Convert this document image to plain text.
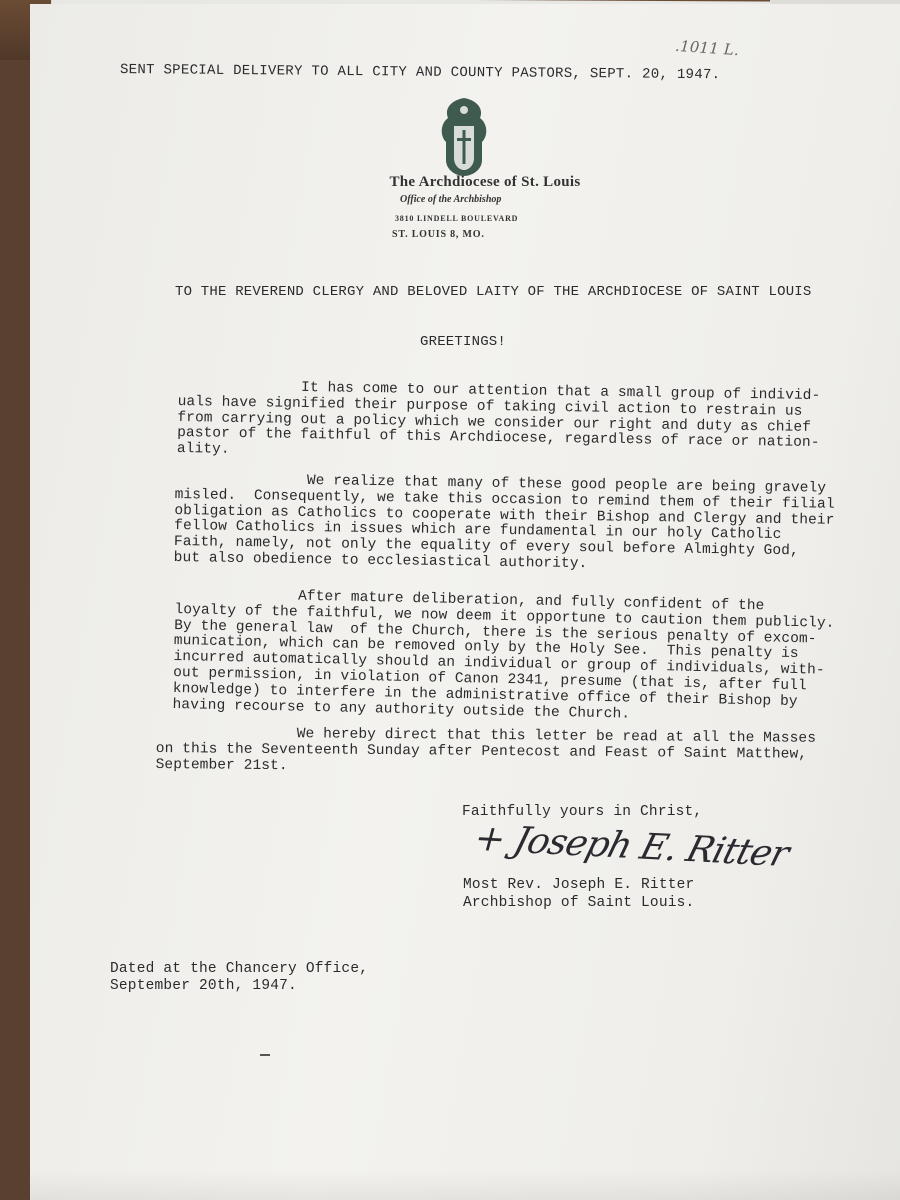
SENT SPECIAL DELIVERY TO ALL CITY AND COUNTY PASTORS, SEPT. 20, 1947.
.1011 L.
The Archdiocese of St. Louis
Office of the Archbishop
3810 LINDELL BOULEVARD
ST. LOUIS 8, MO.
TO THE REVEREND CLERGY AND BELOVED LAITY OF THE ARCHDIOCESE OF SAINT LOUIS
GREETINGS!
It has come to our attention that a small group of individ-
uals have signified their purpose of taking civil action to restrain us
from carrying out a policy which we consider our right and duty as chief
pastor of the faithful of this Archdiocese, regardless of race or nation-
ality.
We realize that many of these good people are being gravely
misled.  Consequently, we take this occasion to remind them of their filial
obligation as Catholics to cooperate with their Bishop and Clergy and their
fellow Catholics in issues which are fundamental in our holy Catholic
Faith, namely, not only the equality of every soul before Almighty God,
but also obedience to ecclesiastical authority.
After mature deliberation, and fully confident of the
loyalty of the faithful, we now deem it opportune to caution them publicly.
By the general law  of the Church, there is the serious penalty of excom-
munication, which can be removed only by the Holy See.  This penalty is
incurred automatically should an individual or group of individuals, with-
out permission, in violation of Canon 2341, presume (that is, after full
knowledge) to interfere in the administrative office of their Bishop by
having recourse to any authority outside the Church.
We hereby direct that this letter be read at all the Masses
on this the Seventeenth Sunday after Pentecost and Feast of Saint Matthew,
September 21st.
Faithfully yours in Christ,
+ Joseph E. Ritter
Most Rev. Joseph E. Ritter
Archbishop of Saint Louis.
Dated at the Chancery Office,
September 20th, 1947.
